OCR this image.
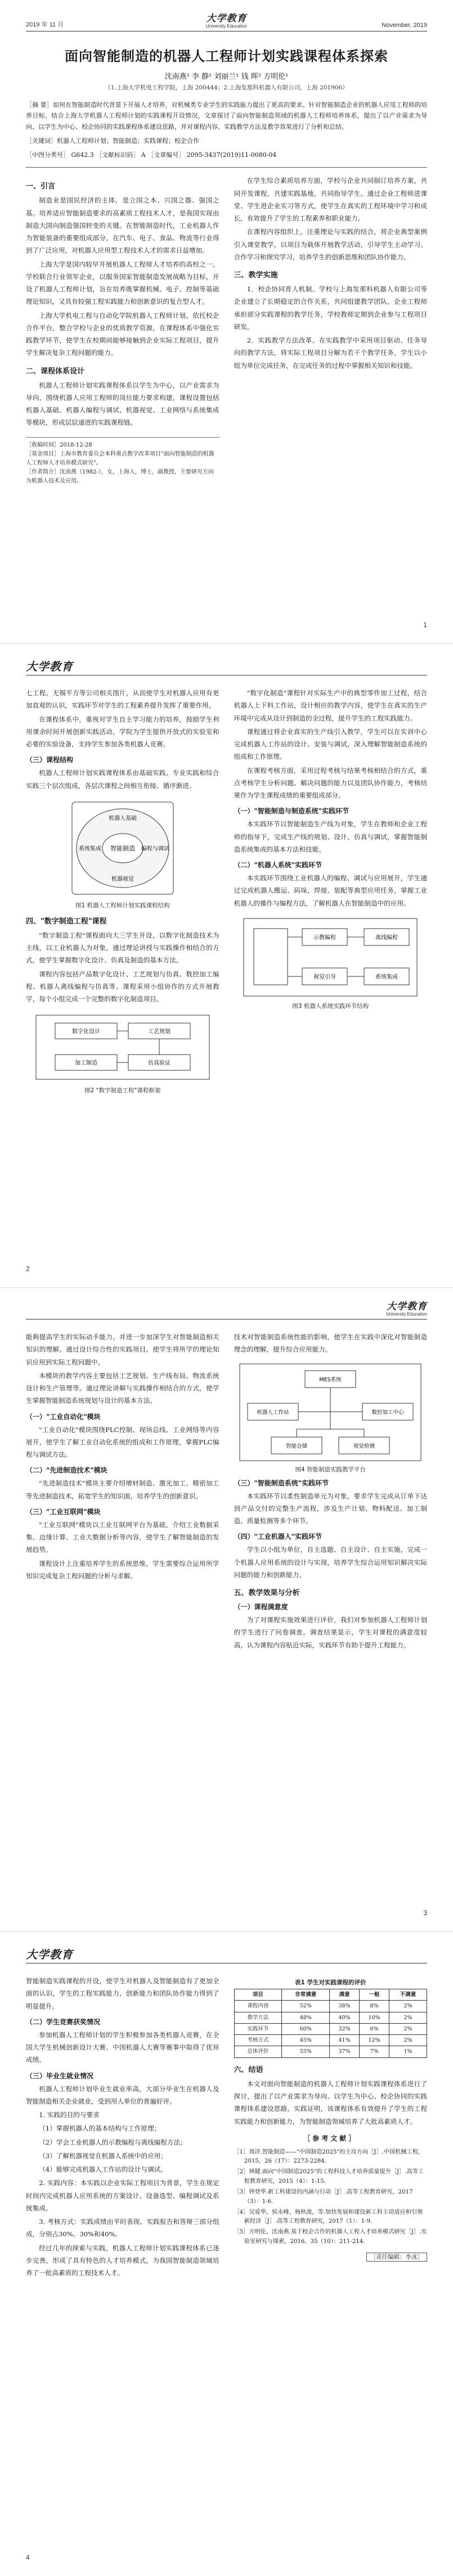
2019 年 11 月
大学教育
University Education	November, 2019
面向智能制造的机器人工程师计划实践课程体系探索
沈南燕¹ 李 静¹ 刘丽兰¹ 钱 晖² 方明伦¹
（1.上海大学机电工程学院，上海 200444；2.上海发那科机器人有限公司，上海 201906）
［摘 要］如何在智能制造时代背景下开展人才培养，对机械类专业学生的实践能力提出了更高的要求。针对智能制造企业的机器人应用工程师的培养目标，结合上海大学机器人工程师计划的实践课程开设情况，文章探讨了面向智能制造领域的机器人工程师培养体系，提出了以产业需求为导向、以学生为中心、校企协同的实践课程体系建设思路，并对课程内容、实践教学方法及教学效果进行了分析和总结。
［关键词］机器人工程师计划；智能制造；实践课程；校企合作
［中图分类号］ G642.3 ［文献标识码］ A ［文章编号］ 2095-3437(2019)11-0080-04
一、引言

制造业是国民经济的主体，是立国之本、兴国之器、强国之基。培养适应智能制造要求的高素质工程技术人才，是我国实现由制造大国向制造强国转变的关键。在智能制造时代，工业机器人作为智能装备的重要组成部分，在汽车、电子、食品、物流等行业得到了广泛应用，对机器人应用型工程技术人才的需求日益增加。

上海大学是国内较早开展机器人工程师人才培养的高校之一。学校联合行业领军企业，以服务国家智能制造发展战略为目标，开设了机器人工程师计划，旨在培养既掌握机械、电子、控制等基础理论知识，又具有较强工程实践能力和创新意识的复合型人才。

上海大学机电工程与自动化学院机器人工程师计划，依托校企合作平台，整合学校与企业的优质教学资源，在课程体系中强化实践教学环节，使学生在校期间能够接触到企业实际工程项目，提升学生解决复杂工程问题的能力。

二、课程体系设计

机器人工程师计划实践课程体系以学生为中心，以产业需求为导向，围绕机器人应用工程师的岗位能力要求构建，课程设置包括机器人基础、机器人编程与调试、机器视觉、工业网络与系统集成等模块，形成层层递进的实践课程链。

［收稿时间］2018-12-28
［基金项目］上海市教育委员会本科重点教学改革项目"面向智能制造的机器人工程师人才培养模式研究"。
［作者简介］沈南燕（1982-），女，上海人，博士，副教授，主要研究方向为机器人技术及应用。

在学生综合素质培养方面，学校与企业共同制订培养方案，共同开发课程，共建实践基地，共同指导学生。通过企业工程师进课堂、学生进企业实习等方式，使学生在真实的工程环境中学习和成长，有效提升了学生的工程素养和职业能力。

在课程内容组织上，注重理论与实践的结合，将企业典型案例引入课堂教学，以项目为载体开展教学活动，引导学生主动学习、合作学习和探究学习，培养学生的创新思维和团队协作能力。

三、教学实施

1．校企协同育人机制。学校与上海发那科机器人有限公司等企业建立了长期稳定的合作关系，共同组建教学团队，企业工程师承担部分实践课程的教学任务，学校教师定期到企业参与工程项目研发。

2．实践教学方法改革。在实践教学中采用项目驱动、任务导向的教学方法，将实际工程项目分解为若干个教学任务，学生以小组为单位完成任务，在完成任务的过程中掌握相关知识和技能。

1
大学教育

七工程、无锡平方等公司相关图片，从而使学生对机器人应用有更加直观的认识，实践环节对学生的工程素养提升发挥了重要作用。

在课程体系中，重视对学生自主学习能力的培养，鼓励学生利用课余时间开展创新实践活动，学院为学生提供开放式的实验室和必要的实验设备，支持学生参加各类机器人竞赛。

（三）课程结构

机器人工程师计划实践课程体系由基础实践、专业实践和综合实践三个层次组成，各层次课程之间相互衔接、循序渐进。

智能制造
机器人基础
编程与调试
机器视觉
系统集成
图1 机器人工程师计划实践课程结构
四、"数字制造工程"课程

"数字制造工程"课程面向大三学生开设，以数字化制造技术为主线，以工业机器人为对象，通过理论讲授与实践操作相结合的方式，使学生掌握数字化设计、仿真及制造的基本方法。

课程内容包括产品数字化设计、工艺规划与仿真、数控加工编程、机器人离线编程与仿真等。课程采用小组协作的方式开展教学，每个小组完成一个完整的数字化制造项目。

数字化设计	工艺规划
仿真验证
加工制造
图2 "数字制造工程"课程框架

"数字化制造"课程针对实际生产中的典型零件加工过程，结合机器人上下料工作站，设计相应的教学内容，使学生在真实的生产环境中完成从设计到制造的全过程，提升学生的工程实践能力。

课程通过将企业真实的生产线引入教学，学生可以在实训中心完成机器人工作站的设计、安装与调试，深入理解智能制造系统的组成和工作原理。

在课程考核方面，采用过程考核与结果考核相结合的方式，重点考核学生分析问题、解决问题的能力以及团队协作能力，考核结果作为学生课程成绩的重要组成部分。

（一）"智能制造与制造系统"实践环节

本实践环节以智能制造生产线为对象，学生在教师和企业工程师的指导下，完成生产线的规划、设计、仿真与调试，掌握智能制造系统集成的基本方法和技能。

（二）"机器人系统"实践环节

本实践环节围绕工业机器人的编程、调试与应用展开，学生通过完成机器人搬运、码垛、焊接、装配等典型应用任务，掌握工业机器人的操作与编程方法，了解机器人在智能制造中的应用。

示教编程	离线编程
视觉引导	系统集成
图3 机器人系统实践环节结构
2
大学教育
University Education

能夠提高学生的实际动手能力，并进一步加深学生对智能制造相关知识的理解。通过设计综合性的实践项目，使学生将所学的理论知识应用到实际工程问题中。

本模块的教学内容主要包括工艺规划、生产线布局、物流系统设计和生产管理等。通过理论讲解与实践操作相结合的方式，使学生掌握智能制造系统规划与设计的基本方法。

（一）"工业自动化"模块

"工业自动化"模块围绕PLC控制、现场总线、工业网络等内容展开，使学生了解工业自动化系统的组成和工作原理，掌握PLC编程与调试方法。

（二）"先进制造技术"模块

"先进制造技术"模块主要介绍增材制造、激光加工、精密加工等先进制造技术，拓宽学生的知识面，培养学生的创新意识。

（三）"工业互联网"模块

"工业互联网"模块以工业互联网平台为基础，介绍工业数据采集、边缘计算、工业大数据分析等内容，使学生了解智能制造的发展趋势。

课程设计上注重培养学生的系统思维，学生需要综合运用所学知识完成复杂工程问题的分析与求解。

技术对智能制造系统性能的影响，使学生在实践中深化对智能制造理念的理解，提升综合应用能力。

MES系统
机器人工作站	数控加工中心
智能仓储	视觉检测
图4 智能制造实践教学平台
（三）"智能制造系统"实践环节

本实践环节以柔性制造单元为对象，要求学生完成从订单下达到产品交付的完整生产流程，涉及生产计划、物料配送、加工制造、质量检测等多个环节。

（四）"工业机器人"实践环节

学生以小组为单位，自主选题、自主设计、自主实施，完成一个机器人应用系统的设计与实现，培养学生综合运用知识解决实际问题的能力和创新能力。

五、教学效果与分析
（一）课程满意度

为了对课程实施效果进行评价，我们对参加机器人工程师计划的学生进行了问卷调查。调查结果显示，学生对课程的满意度较高，认为课程内容贴近实际，实践环节有助于提升工程能力。

3
大学教育

智能制造实践课程的开设，使学生对机器人及智能制造有了更加全面的认识，学生的工程实践能力、创新能力和团队协作能力得到了明显提升。

（二）学生竞赛获奖情况

参加机器人工程师计划的学生积极参加各类机器人竞赛，在全国大学生机械创新设计大赛、中国机器人大赛等赛事中取得了优异成绩。

（三）毕业生就业情况

机器人工程师计划毕业生就业率高，大部分毕业生在机器人及智能制造相关企业就业，受到用人单位的普遍好评。

1. 实践的目的与要求

（1）掌握机器人的基本结构与工作原理；

（2）学会工业机器人的示教编程与离线编程方法；

（3）了解机器视觉在机器人系统中的应用；

（4）能够完成机器人工作站的设计与调试。

2. 实践内容：本实践以企业实际工程项目为背景，学生在规定时间内完成机器人应用系统的方案设计、设备选型、编程调试及系统集成。

3. 考核方式：实践成绩由平时表现、实践报告和答辩三部分组成，分别占30%、30%和40%。

经过几年的探索与实践，机器人工程师计划实践课程体系已逐步完善，形成了具有特色的人才培养模式，为我国智能制造领域培养了一批高素质的工程技术人才。

表1 学生对实践课程的评价
项目	非常满意	满意	一般	不满意
课程内容	52%	38%	8%	2%
教学方法	48%	40%	10%	2%
实践环节	60%	32%	6%	2%
考核方式	45%	41%	12%	2%
总体评价	55%	37%	7%	1%
六、结语

本文对面向智能制造的机器人工程师计划实践课程体系进行了探讨，提出了以产业需求为导向、以学生为中心、校企协同的实践课程体系建设思路。实践证明，该课程体系有效提升了学生的工程实践能力和创新能力，为智能制造领域培养了大批高素质人才。

［参考文献］
［1］周济.智能制造——"中国制造2025"的主攻方向［J］.中国机械工程，2015，26（17）：2273-2284.
［2］林健.面向"中国制造2025"的工程科技人才培养质量提升［J］.高等工程教育研究，2015（4）：1-15.
［3］钟登华.新工科建设的内涵与行动［J］.高等工程教育研究，2017（3）：1-6.
［4］吴爱华，侯永峰，杨秋波，等.加快发展和建设新工科主动适应和引领新经济［J］.高等工程教育研究，2017（1）：1-9.
［5］方明伦，沈南燕.基于校企合作的机器人工程人才培养模式研究［J］.实验室研究与探索，2016，35（10）：211-214.
［责任编辑：李冰］
4
